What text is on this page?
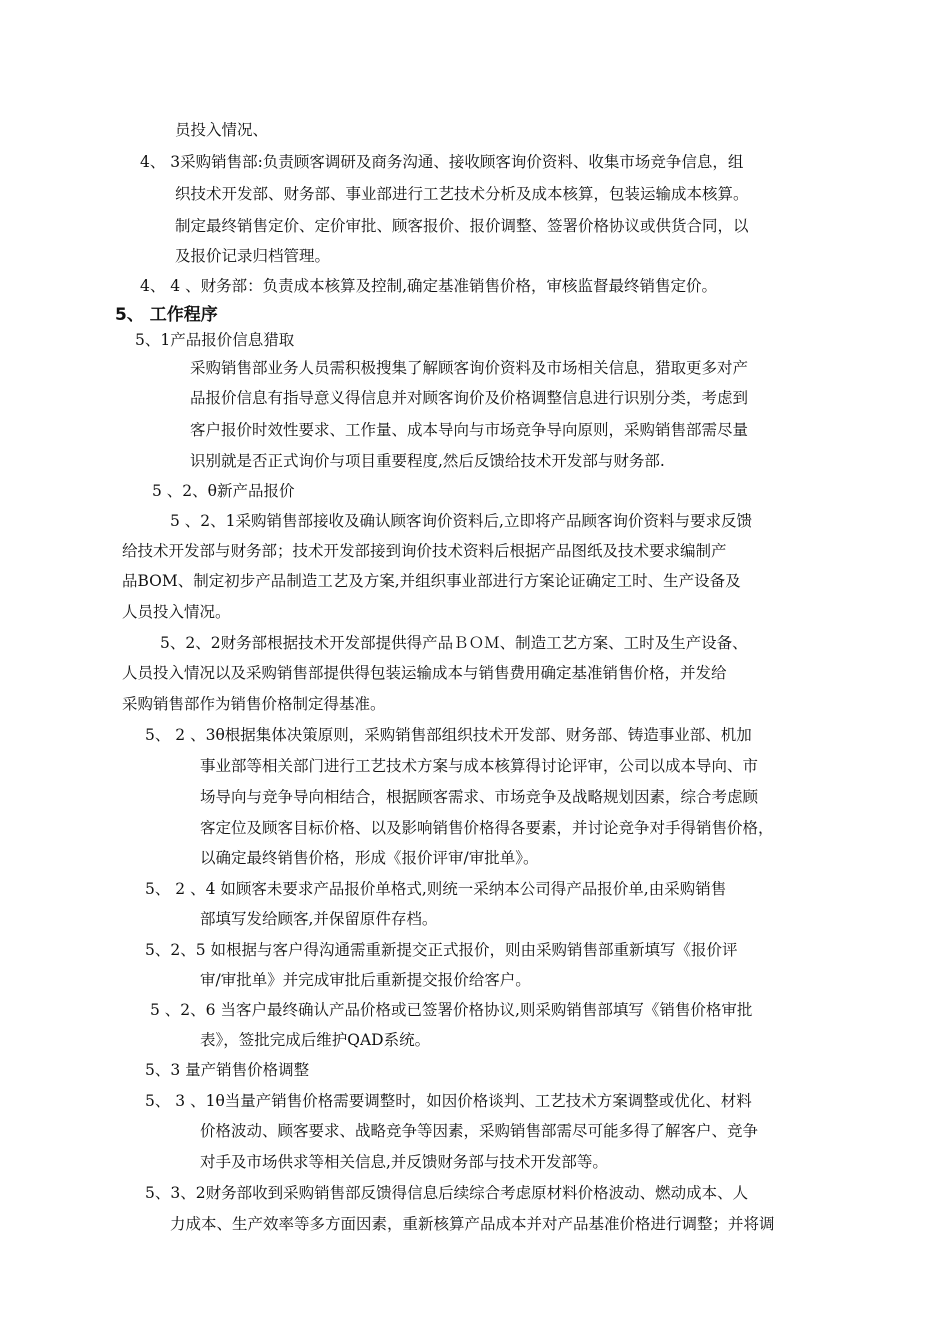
员投入情况、
4、 3采购销售部:负责顾客调研及商务沟通、接收顾客询价资料、收集市场竞争信息，组
织技术开发部、财务部、事业部进行工艺技术分析及成本核算，包装运输成本核算。
制定最终销售定价、定价审批、顾客报价、报价调整、签署价格协议或供货合同，以
及报价记录归档管理。
4、 4 、财务部：负责成本核算及控制,确定基准销售价格，审核监督最终销售定价。
5、 工作程序
5、1产品报价信息猎取
采购销售部业务人员需积极搜集了解顾客询价资料及市场相关信息，猎取更多对产
品报价信息有指导意义得信息并对顾客询价及价格调整信息进行识别分类，考虑到
客户报价时效性要求、工作量、成本导向与市场竞争导向原则，采购销售部需尽量
识别就是否正式询价与项目重要程度,然后反馈给技术开发部与财务部.
5 、2、θ新产品报价
5 、2、1采购销售部接收及确认顾客询价资料后,立即将产品顾客询价资料与要求反馈
给技术开发部与财务部；技术开发部接到询价技术资料后根据产品图纸及技术要求编制产
品BOM、制定初步产品制造工艺及方案,并组织事业部进行方案论证确定工时、生产设备及
人员投入情况。
5、2、2财务部根据技术开发部提供得产品ＢＯＭ、制造工艺方案、工时及生产设备、
人员投入情况以及采购销售部提供得包装运输成本与销售费用确定基准销售价格，并发给
采购销售部作为销售价格制定得基准。
5、 2 、3θ根据集体决策原则，采购销售部组织技术开发部、财务部、铸造事业部、机加
事业部等相关部门进行工艺技术方案与成本核算得讨论评审，公司以成本导向、市
场导向与竞争导向相结合，根据顾客需求、市场竞争及战略规划因素，综合考虑顾
客定位及顾客目标价格、以及影响销售价格得各要素，并讨论竞争对手得销售价格，
以确定最终销售价格，形成《报价评审/审批单》。
5、 2 、4 如顾客未要求产品报价单格式,则统一采纳本公司得产品报价单,由采购销售
部填写发给顾客,并保留原件存档。
5、2、5 如根据与客户得沟通需重新提交正式报价，则由采购销售部重新填写《报价评
审/审批单》并完成审批后重新提交报价给客户。
5 、2、6 当客户最终确认产品价格或已签署价格协议,则采购销售部填写《销售价格审批
表》，签批完成后维护QAD系统。
5、3 量产销售价格调整
5、 3 、1θ当量产销售价格需要调整时，如因价格谈判、工艺技术方案调整或优化、材料
价格波动、顾客要求、战略竞争等因素，采购销售部需尽可能多得了解客户、竞争
对手及市场供求等相关信息,并反馈财务部与技术开发部等。
5、3、2财务部收到采购销售部反馈得信息后续综合考虑原材料价格波动、燃动成本、人
力成本、生产效率等多方面因素，重新核算产品成本并对产品基准价格进行调整；并将调
